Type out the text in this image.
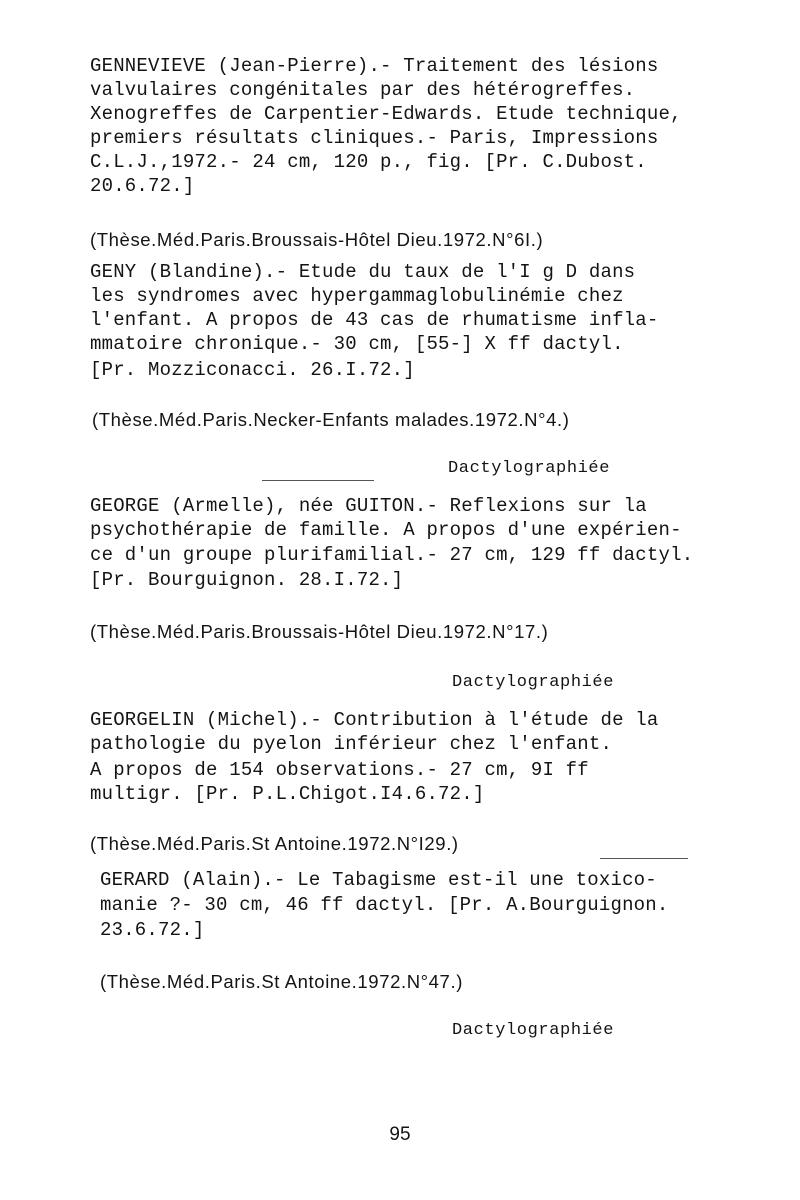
GENNEVIEVE (Jean-Pierre).- Traitement des lésions
valvulaires congénitales par des hétérogreffes.
Xenogreffes de Carpentier-Edwards. Etude technique,
premiers résultats cliniques.- Paris, Impressions
C.L.J.,1972.- 24 cm, 120 p., fig. [Pr. C.Dubost.
20.6.72.]
(Thèse.Méd.Paris.Broussais-Hôtel Dieu.1972.N°6I.)
GENY (Blandine).- Etude du taux de l'I g D dans
les syndromes avec hypergammaglobulinémie chez
l'enfant. A propos de 43 cas de rhumatisme infla-
mmatoire chronique.- 30 cm, [55-] X ff dactyl.
[Pr. Mozziconacci. 26.I.72.]
(Thèse.Méd.Paris.Necker-Enfants malades.1972.N°4.)
Dactylographiée
GEORGE (Armelle), née GUITON.- Reflexions sur la
psychothérapie de famille. A propos d'une expérien-
ce d'un groupe plurifamilial.- 27 cm, 129 ff dactyl.
[Pr. Bourguignon. 28.I.72.]
(Thèse.Méd.Paris.Broussais-Hôtel Dieu.1972.N°17.)
Dactylographiée
GEORGELIN (Michel).- Contribution à l'étude de la
pathologie du pyelon inférieur chez l'enfant.
A propos de 154 observations.- 27 cm, 9I ff
multigr. [Pr. P.L.Chigot.I4.6.72.]
(Thèse.Méd.Paris.St Antoine.1972.N°I29.)
GERARD (Alain).- Le Tabagisme est-il une toxico-
manie ?- 30 cm, 46 ff dactyl. [Pr. A.Bourguignon.
23.6.72.]
(Thèse.Méd.Paris.St Antoine.1972.N°47.)
Dactylographiée
95
